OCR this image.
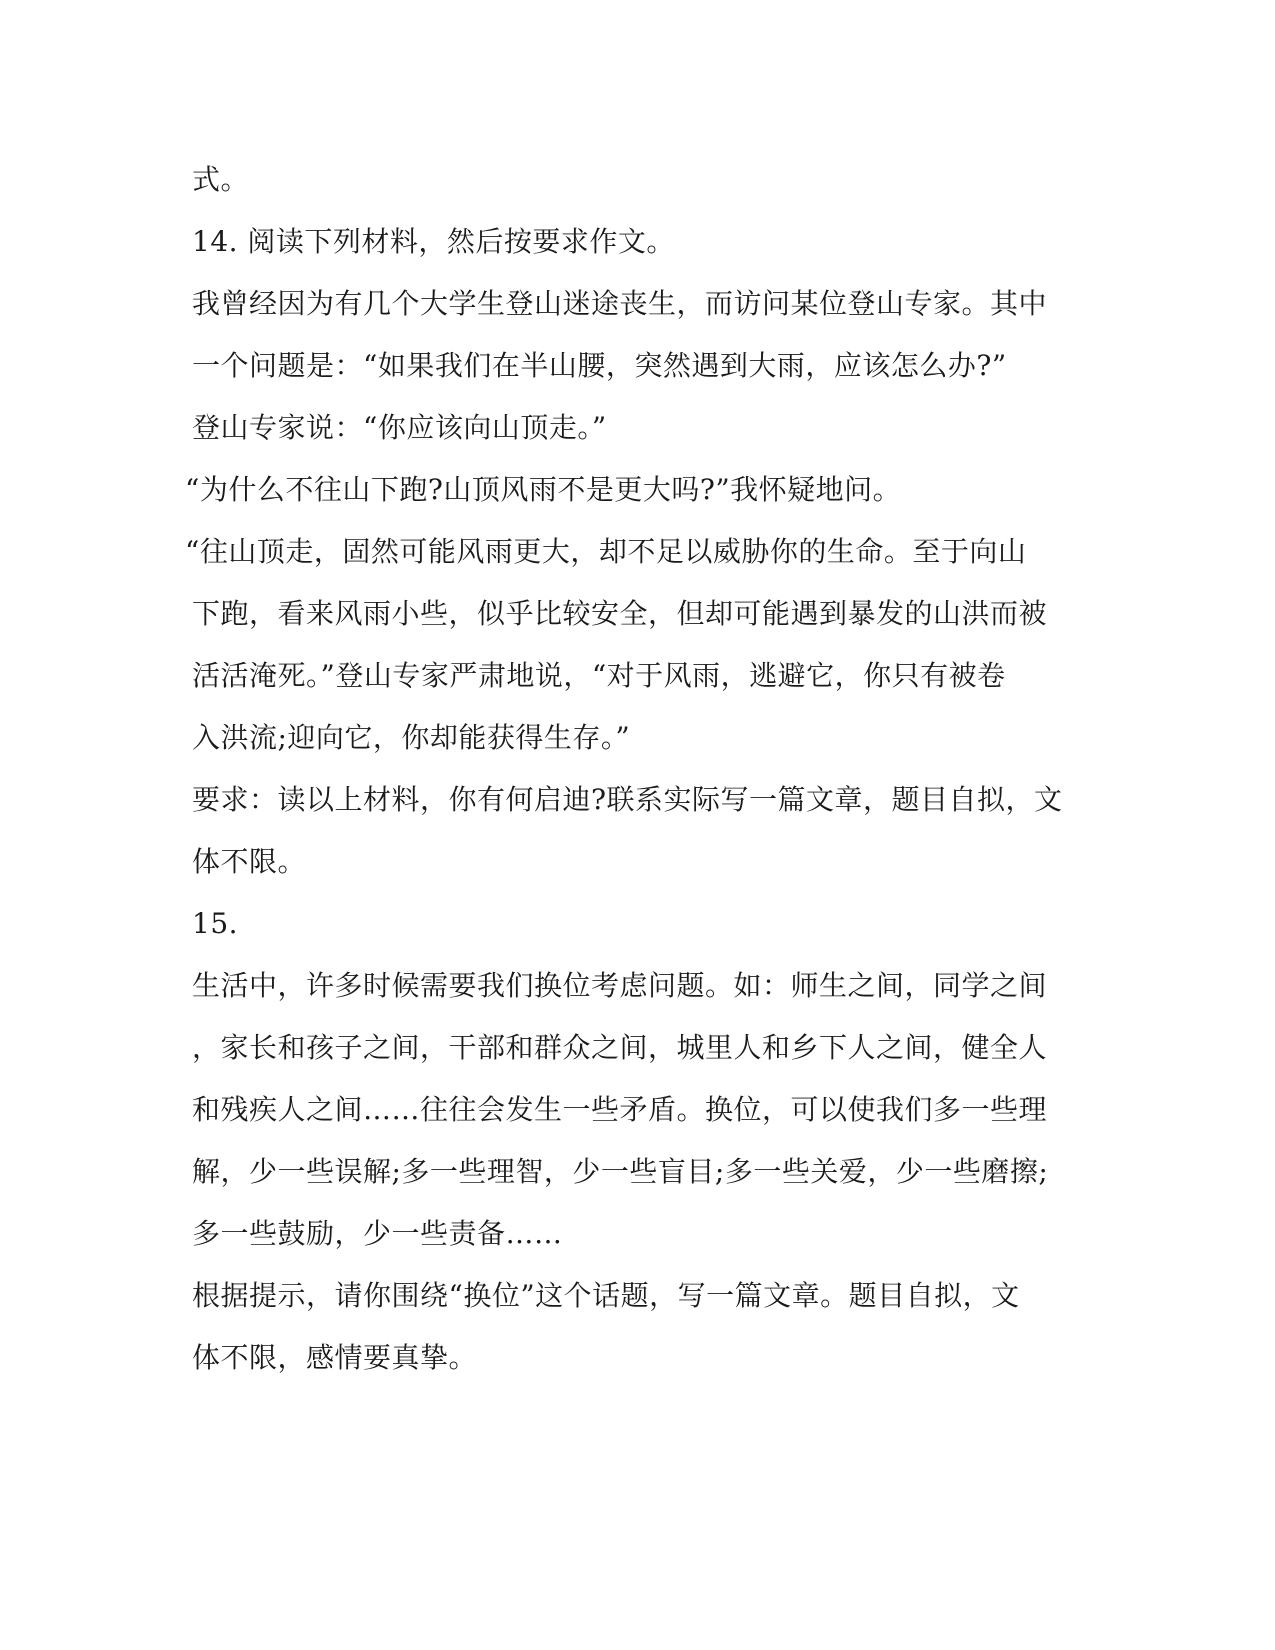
式。
14. 阅读下列材料，然后按要求作文。
我曾经因为有几个大学生登山迷途丧生，而访问某位登山专家。其中
一个问题是：“如果我们在半山腰，突然遇到大雨，应该怎么办?”
登山专家说：“你应该向山顶走。”
“为什么不往山下跑?山顶风雨不是更大吗?”我怀疑地问。
“往山顶走，固然可能风雨更大，却不足以威胁你的生命。至于向山
下跑，看来风雨小些，似乎比较安全，但却可能遇到暴发的山洪而被
活活淹死。”登山专家严肃地说，“对于风雨，逃避它，你只有被卷
入洪流;迎向它，你却能获得生存。”
要求：读以上材料，你有何启迪?联系实际写一篇文章，题目自拟，文
体不限。
15.
生活中，许多时候需要我们换位考虑问题。如：师生之间，同学之间
，家长和孩子之间，干部和群众之间，城里人和乡下人之间，健全人
和残疾人之间……往往会发生一些矛盾。换位，可以使我们多一些理
解，少一些误解;多一些理智，少一些盲目;多一些关爱，少一些磨擦;
多一些鼓励，少一些责备……
根据提示，请你围绕“换位”这个话题，写一篇文章。题目自拟，文
体不限，感情要真挚。
